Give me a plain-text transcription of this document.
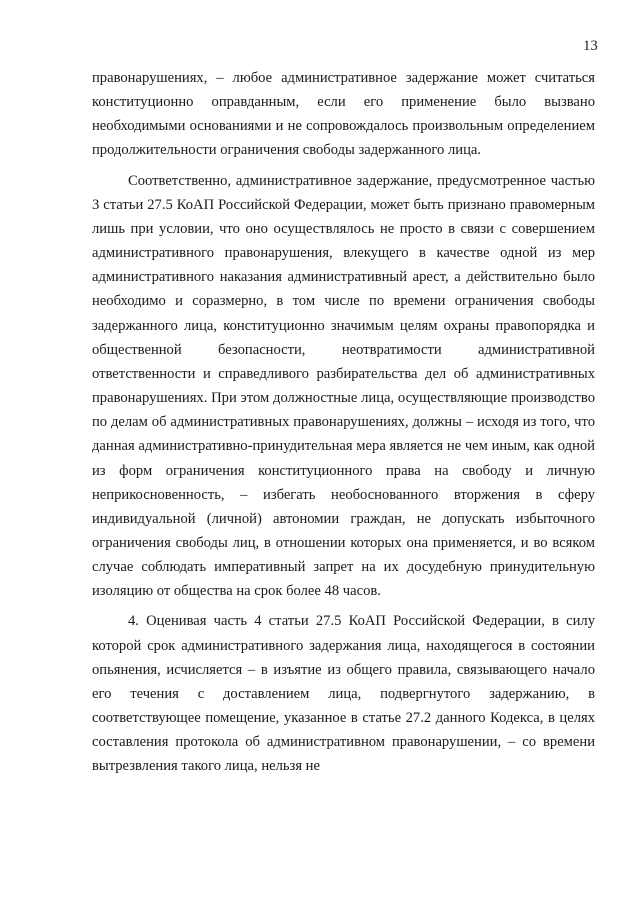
13

правонарушениях, – любое административное задержание может считаться конституционно оправданным, если его применение было вызвано необходимыми основаниями и не сопровождалось произвольным определением продолжительности ограничения свободы задержанного лица.

Соответственно, административное задержание, предусмотренное частью 3 статьи 27.5 КоАП Российской Федерации, может быть признано правомерным лишь при условии, что оно осуществлялось не просто в связи с совершением административного правонарушения, влекущего в качестве одной из мер административного наказания административный арест, а действительно было необходимо и соразмерно, в том числе по времени ограничения свободы задержанного лица, конституционно значимым целям охраны правопорядка и общественной безопасности, неотвратимости административной ответственности и справедливого разбирательства дел об административных правонарушениях. При этом должностные лица, осуществляющие производство по делам об административных правонарушениях, должны – исходя из того, что данная административно-принудительная мера является не чем иным, как одной из форм ограничения конституционного права на свободу и личную неприкосновенность, – избегать необоснованного вторжения в сферу индивидуальной (личной) автономии граждан, не допускать избыточного ограничения свободы лиц, в отношении которых она применяется, и во всяком случае соблюдать императивный запрет на их досудебную принудительную изоляцию от общества на срок более 48 часов.

4. Оценивая часть 4 статьи 27.5 КоАП Российской Федерации, в силу которой срок административного задержания лица, находящегося в состоянии опьянения, исчисляется – в изъятие из общего правила, связывающего начало его течения с доставлением лица, подвергнутого задержанию, в соответствующее помещение, указанное в статье 27.2 данного Кодекса, в целях составления протокола об административном правонарушении, – со времени вытрезвления такого лица, нельзя не
